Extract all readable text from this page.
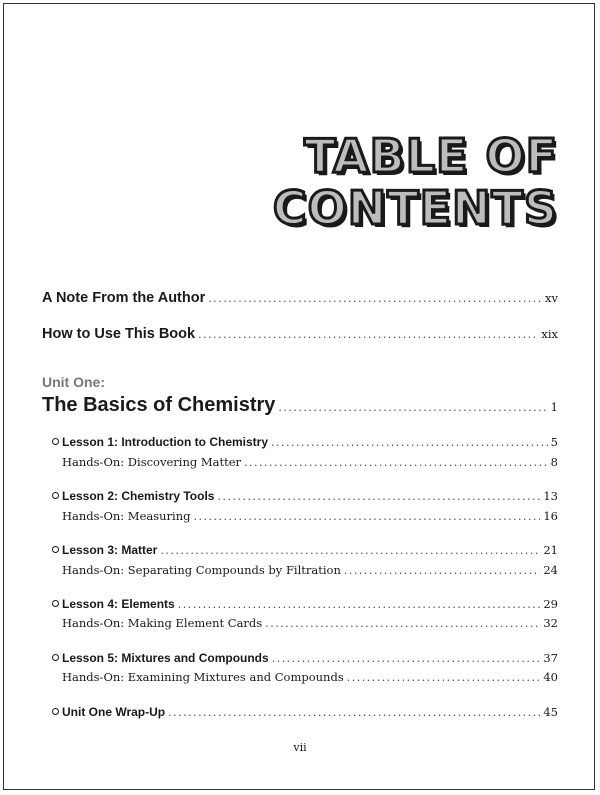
TABLE OF
CONTENTS
A Note From the Author . . .	xv
How to Use This Book . . .	xix
Unit One:
The Basics of Chemistry . . .	1
Lesson 1: Introduction to Chemistry . . .	5
Hands-On: Discovering Matter . . .	8
Lesson 2: Chemistry Tools . . .	13
Hands-On: Measuring . . .	16
Lesson 3: Matter . . .	21
Hands-On: Separating Compounds by Filtration . . .	24
Lesson 4: Elements . . .	29
Hands-On: Making Element Cards . . .	32
Lesson 5: Mixtures and Compounds . . .	37
Hands-On: Examining Mixtures and Compounds . . .	40
Unit One Wrap-Up . . .	45
vii
